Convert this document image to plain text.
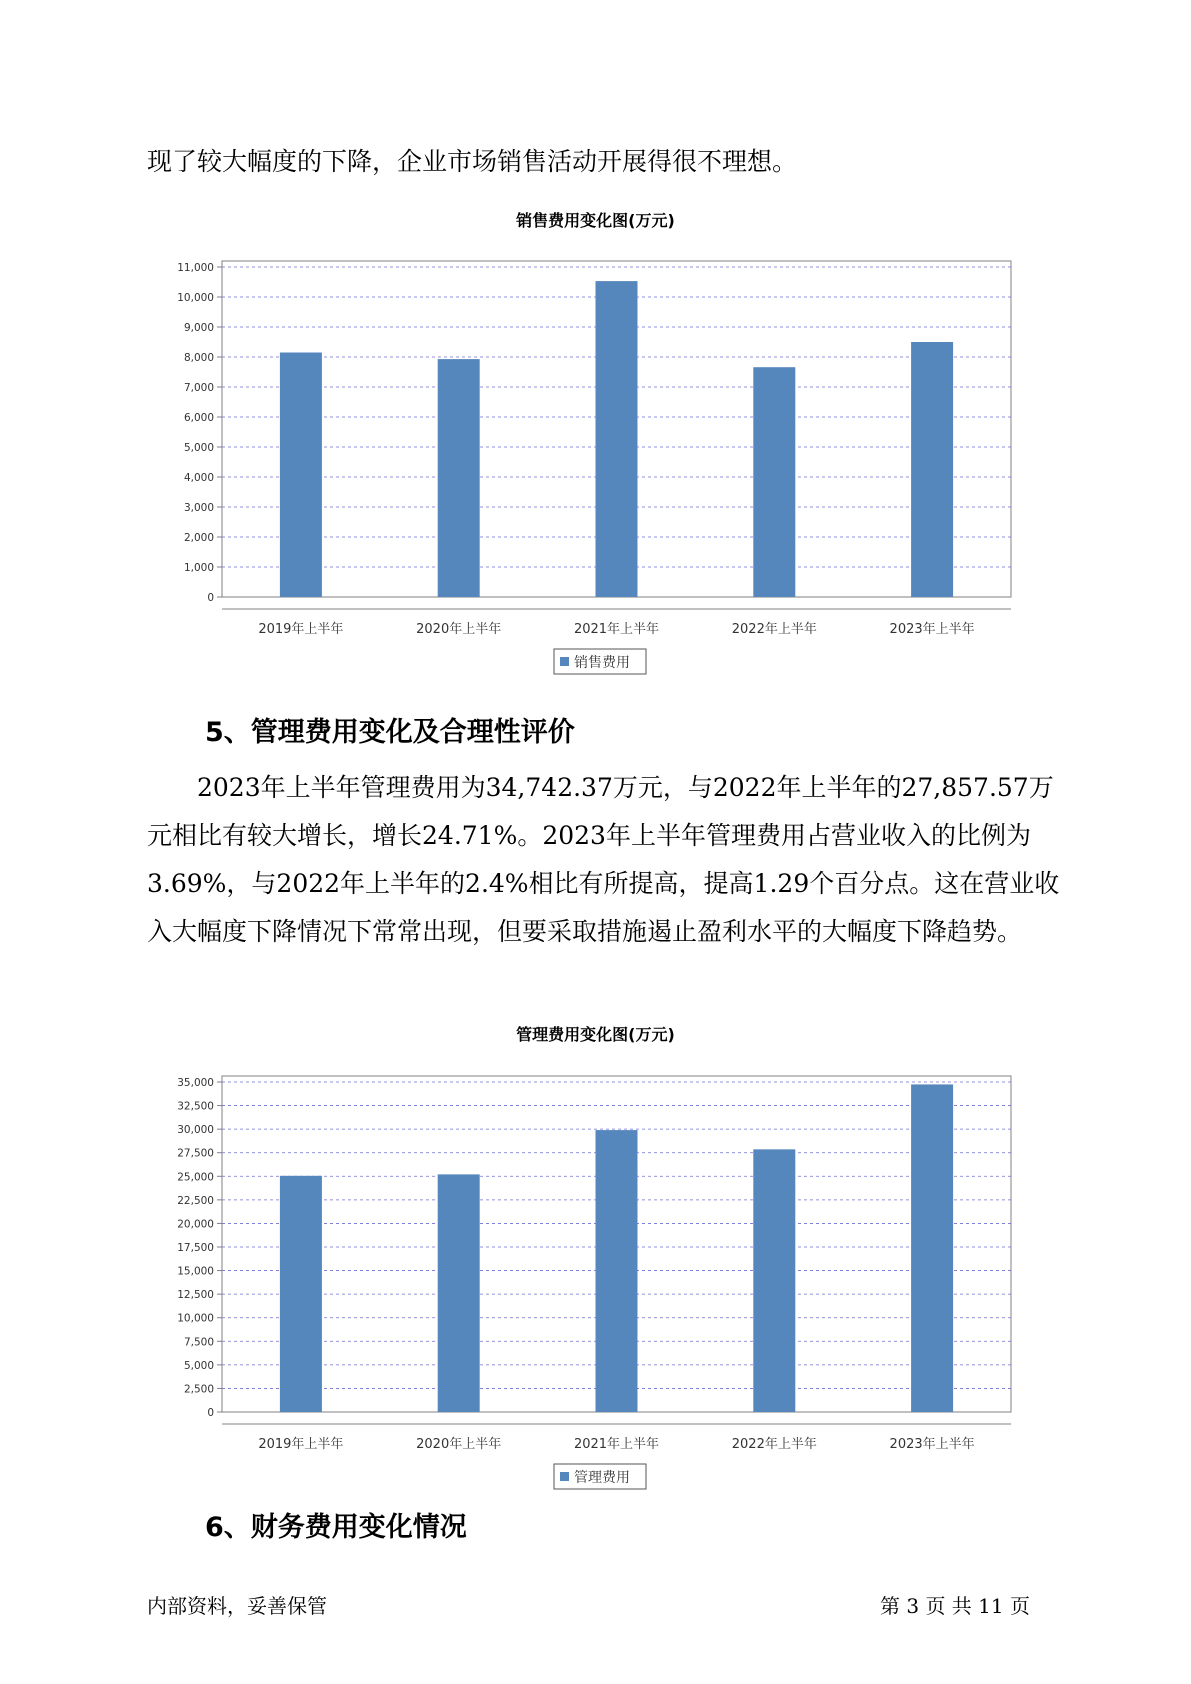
现了较大幅度的下降，企业市场销售活动开展得很不理想。

销售费用变化图(万元)
0
1,000
2,000
3,000
4,000
5,000
6,000
7,000
8,000
9,000
10,000
11,000
2019年上半年	2020年上半年	2021年上半年	2022年上半年	2023年上半年
销售费用
5、管理费用变化及合理性评价

2023年上半年管理费用为34,742.37万元，与2022年上半年的27,857.57万元相比有较大增长，增长24.71%。2023年上半年管理费用占营业收入的比例为3.69%，与2022年上半年的2.4%相比有所提高，提高1.29个百分点。这在营业收入大幅度下降情况下常常出现，但要采取措施遏止盈利水平的大幅度下降趋势。

管理费用变化图(万元)
0
2,500
5,000
7,500
10,000
12,500
15,000
17,500
20,000
22,500
25,000
27,500
30,000
32,500
35,000
2019年上半年	2020年上半年	2021年上半年	2022年上半年	2023年上半年
管理费用
6、财务费用变化情况
内部资料，妥善保管	第 3 页 共 11 页
